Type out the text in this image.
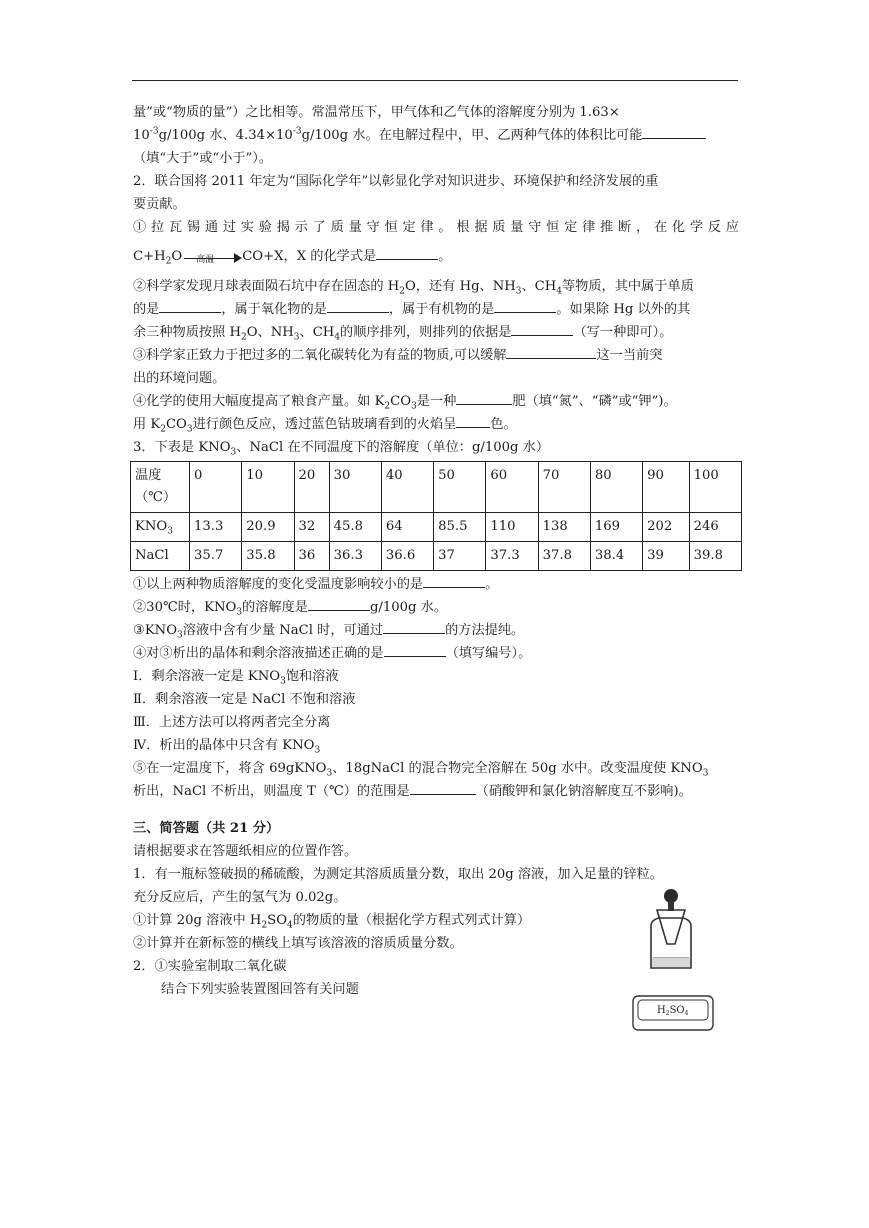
量”或“物质的量”）之比相等。常温常压下，甲气体和乙气体的溶解度分别为 1.63×
$10^{-3}g/100g$ 水、$4.34\times 10^{-3}g/100g$ 水。在电解过程中，甲、乙两种气体的体积比可能
（填“大于”或“小于”）。
2．联合国将 2011 年定为“国际化学年”以彰显化学对知识进步、环境保护和经济发展的重
要贡献。
①拉瓦锡通过实验揭示了质量守恒定律。根据质量守恒定律推断，在化学反应
$C+H_2O$ 高温 CO+X，X 的化学式是	。
②科学家发现月球表面陨石坑中存在固态的 $H_2O$，还有 Hg、$NH_3$、$CH_4$等物质，其中属于单质
的是	，属于氧化物的是	，属于有机物的是	。如果除 Hg 以外的其
余三种物质按照 $H_2O$、$NH_3$、$CH_4$的顺序排列，则排列的依据是	（写一种即可）。
③科学家正致力于把过多的二氧化碳转化为有益的物质,可以缓解	这一当前突
出的环境问题。
④化学的使用大幅度提高了粮食产量。如 $K_2CO_3$是一种	肥（填“氮”、“磷”或“钾”)。
用 $K_2CO_3$进行颜色反应，透过蓝色钴玻璃看到的火焰呈	色。
3．下表是 $KNO_3$、NaCl 在不同温度下的溶解度（单位：g/100g 水）
温度
（℃）	0	10	20	30	40	50	60	70	80	90	100
$KNO_3$	13.3	20.9	32	45.8	64	85.5	110	138	169	202	246
NaCl	35.7	35.8	36	36.3	36.6	37	37.3	37.8	38.4	39	39.8
①以上两种物质溶解度的变化受温度影响较小的是	。
②30℃时，$KNO_3$的溶解度是	g/100g 水。
$③KNO_3$溶液中含有少量 NaCl 时，可通过	的方法提纯。
④对③析出的晶体和剩余溶液描述正确的是	（填写编号）。
Ⅰ．剩余溶液一定是 $KNO_3$饱和溶液
Ⅱ．剩余溶液一定是 NaCl 不饱和溶液
Ⅲ．上述方法可以将两者完全分离
Ⅳ．析出的晶体中只含有 $KNO_3$
⑤在一定温度下，将含 69gKNO$_3$、18gNaCl 的混合物完全溶解在 50g 水中。改变温度使 $KNO_3$
析出，NaCl 不析出，则温度 T（℃）的范围是	（硝酸钾和氯化钠溶解度互不影响)。
三、简答题（共 21 分）
请根据要求在答题纸相应的位置作答。
1．有一瓶标签破损的稀硫酸，为测定其溶质质量分数，取出 20g 溶液，加入足量的锌粒。
充分反应后，产生的氢气为 0.02g。
①计算 20g 溶液中 $H_2SO_4$的物质的量（根据化学方程式列式计算）
②计算并在新标签的横线上填写该溶液的溶质质量分数。
2．①实验室制取二氧化碳
结合下列实验装置图回答有关问题
$H_2SO_4$
